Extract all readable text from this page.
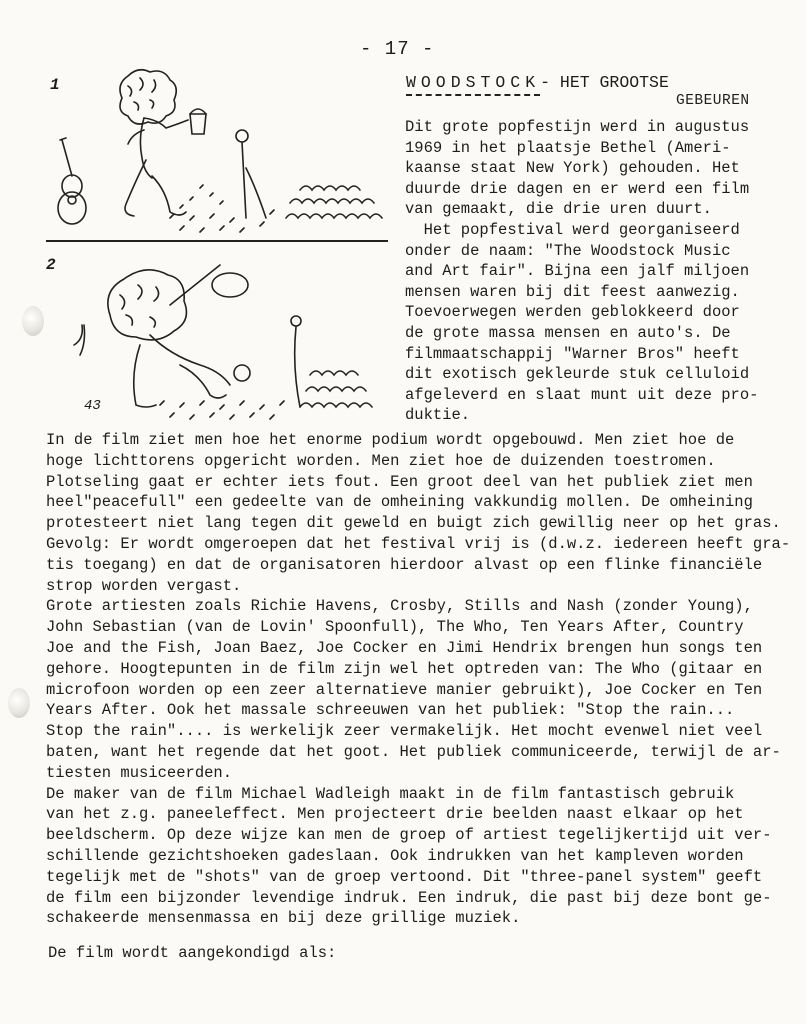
- 17 -
WOODSTOCK- HET GROOTSE
GEBEUREN
1
2
43
Dit grote popfestijn werd in augustus
1969 in het plaatsje Bethel (Ameri-
kaanse staat New York) gehouden. Het
duurde drie dagen en er werd een film
van gemaakt, die drie uren duurt.
Het popfestival werd georganiseerd
onder de naam: "The Woodstock Music
and Art fair". Bijna een jalf miljoen
mensen waren bij dit feest aanwezig.
Toevoerwegen werden geblokkeerd door
de grote massa mensen en auto's. De
filmmaatschappij "Warner Bros" heeft
dit exotisch gekleurde stuk celluloid
afgeleverd en slaat munt uit deze pro-
duktie.
In de film ziet men hoe het enorme podium wordt opgebouwd. Men ziet hoe de
hoge lichttorens opgericht worden. Men ziet hoe de duizenden toestromen.
Plotseling gaat er echter iets fout. Een groot deel van het publiek ziet men
heel"peacefull" een gedeelte van de omheining vakkundig mollen. De omheining
protesteert niet lang tegen dit geweld en buigt zich gewillig neer op het gras.
Gevolg: Er wordt omgeroepen dat het festival vrij is (d.w.z. iedereen heeft gra-
tis toegang) en dat de organisatoren hierdoor alvast op een flinke financiële
strop worden vergast.
Grote artiesten zoals Richie Havens, Crosby, Stills and Nash (zonder Young),
John Sebastian (van de Lovin' Spoonfull), The Who, Ten Years After, Country
Joe and the Fish, Joan Baez, Joe Cocker en Jimi Hendrix brengen hun songs ten
gehore. Hoogtepunten in de film zijn wel het optreden van: The Who (gitaar en
microfoon worden op een zeer alternatieve manier gebruikt), Joe Cocker en Ten
Years After. Ook het massale schreeuwen van het publiek: "Stop the rain...
Stop the rain".... is werkelijk zeer vermakelijk. Het mocht evenwel niet veel
baten, want het regende dat het goot. Het publiek communiceerde, terwijl de ar-
tiesten musiceerden.
De maker van de film Michael Wadleigh maakt in de film fantastisch gebruik
van het z.g. paneeleffect. Men projecteert drie beelden naast elkaar op het
beeldscherm. Op deze wijze kan men de groep of artiest tegelijkertijd uit ver-
schillende gezichtshoeken gadeslaan. Ook indrukken van het kampleven worden
tegelijk met de "shots" van de groep vertoond. Dit "three-panel system" geeft
de film een bijzonder levendige indruk. Een indruk, die past bij deze bont ge-
schakeerde mensenmassa en bij deze grillige muziek.
De film wordt aangekondigd als:
